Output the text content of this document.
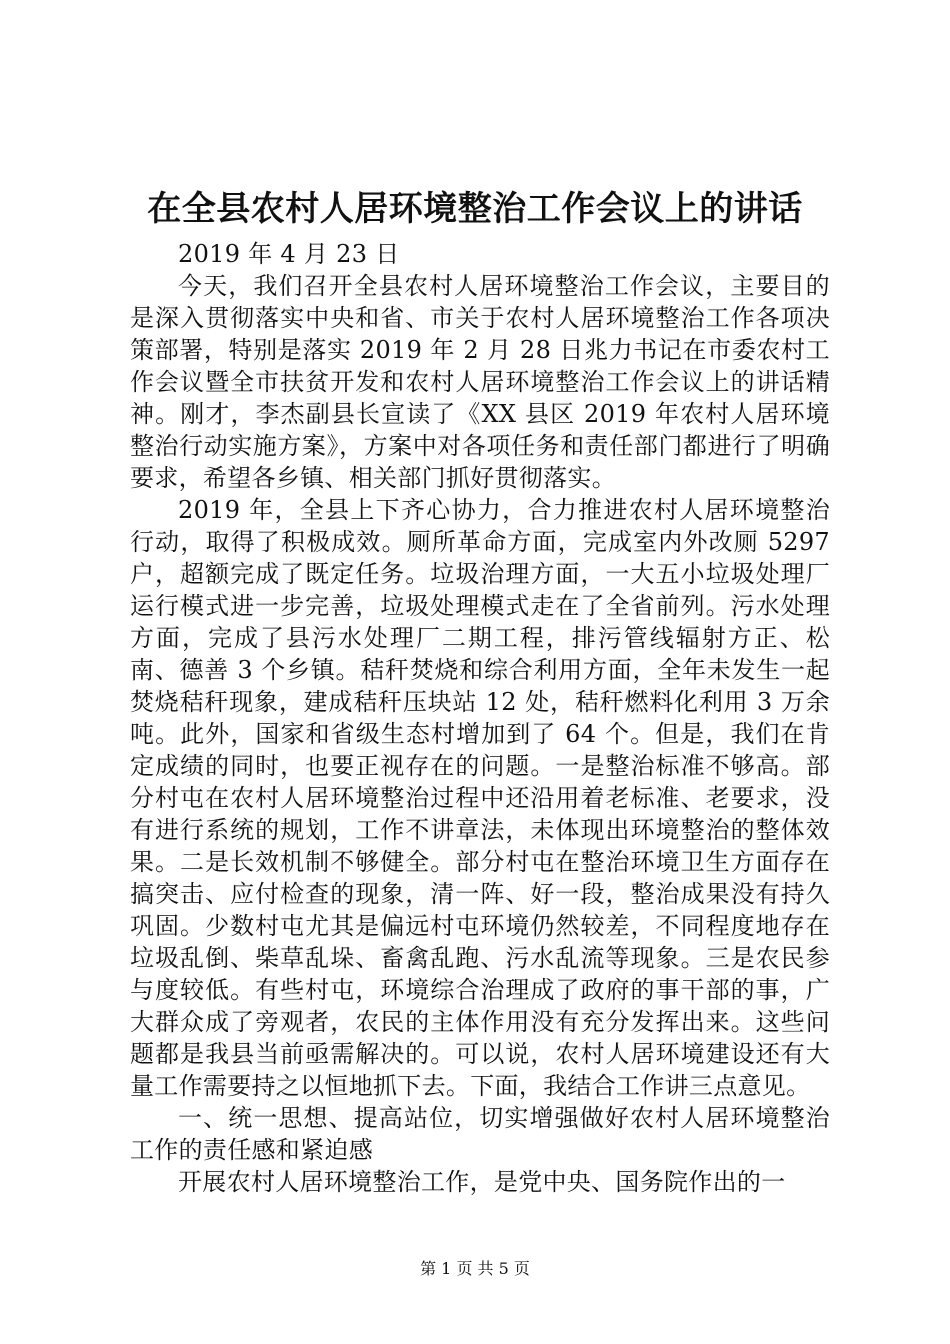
在全县农村人居环境整治工作会议上的讲话

2019 年 4 月 23 日

今天，我们召开全县农村人居环境整治工作会议，主要目的是深入贯彻落实中央和省、市关于农村人居环境整治工作各项决策部署，特别是落实 2019 年 2 月 28 日兆力书记在市委农村工作会议暨全市扶贫开发和农村人居环境整治工作会议上的讲话精神。刚才，李杰副县长宣读了《XX 县区 2019 年农村人居环境整治行动实施方案》，方案中对各项任务和责任部门都进行了明确要求，希望各乡镇、相关部门抓好贯彻落实。

2019 年，全县上下齐心协力，合力推进农村人居环境整治行动，取得了积极成效。厕所革命方面，完成室内外改厕 5297 户，超额完成了既定任务。垃圾治理方面，一大五小垃圾处理厂运行模式进一步完善，垃圾处理模式走在了全省前列。污水处理方面，完成了县污水处理厂二期工程，排污管线辐射方正、松南、德善 3 个乡镇。秸秆焚烧和综合利用方面，全年未发生一起焚烧秸秆现象，建成秸秆压块站 12 处，秸秆燃料化利用 3 万余吨。此外，国家和省级生态村增加到了 64 个。但是，我们在肯定成绩的同时，也要正视存在的问题。一是整治标准不够高。部分村屯在农村人居环境整治过程中还沿用着老标准、老要求，没有进行系统的规划，工作不讲章法，未体现出环境整治的整体效果。二是长效机制不够健全。部分村屯在整治环境卫生方面存在搞突击、应付检查的现象，清一阵、好一段，整治成果没有持久巩固。少数村屯尤其是偏远村屯环境仍然较差，不同程度地存在垃圾乱倒、柴草乱垛、畜禽乱跑、污水乱流等现象。三是农民参与度较低。有些村屯，环境综合治理成了政府的事干部的事，广大群众成了旁观者，农民的主体作用没有充分发挥出来。这些问题都是我县当前亟需解决的。可以说，农村人居环境建设还有大量工作需要持之以恒地抓下去。下面，我结合工作讲三点意见。

一、统一思想、提高站位，切实增强做好农村人居环境整治工作的责任感和紧迫感

开展农村人居环境整治工作，是党中央、国务院作出的一

第 1 页 共 5 页
